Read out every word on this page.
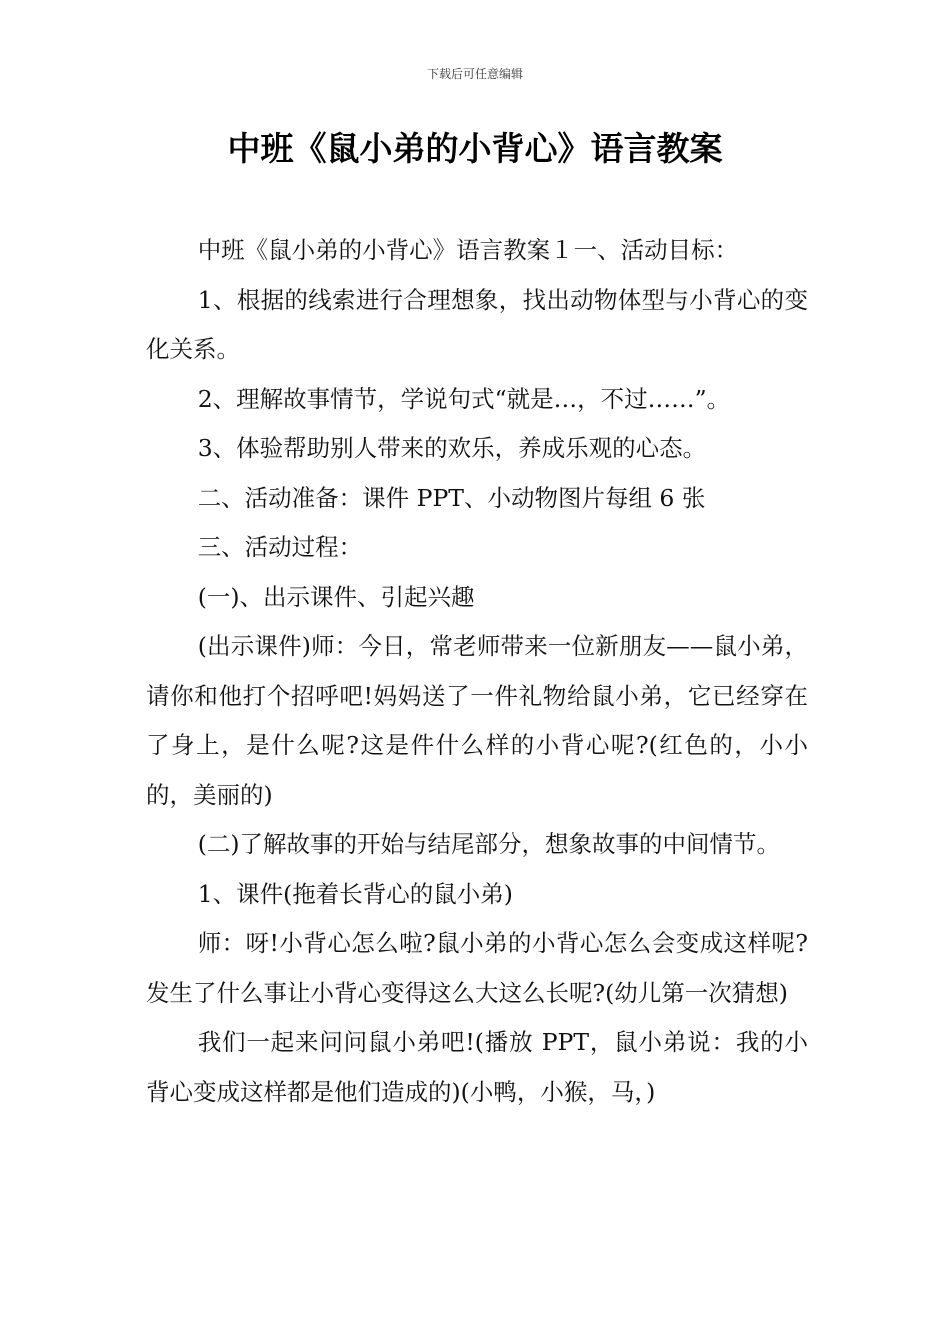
下载后可任意编辑
中班《鼠小弟的小背心》语言教案

中班《鼠小弟的小背心》语言教案１一、活动目标：

1、根据的线索进行合理想象，找出动物体型与小背心的变化关系。

2、理解故事情节，学说句式“就是…，不过……”。

3、体验帮助别人带来的欢乐，养成乐观的心态。

二、活动准备：课件 PPT、小动物图片每组 6 张

三、活动过程：

(一)、出示课件、引起兴趣

(出示课件)师：今日，常老师带来一位新朋友——鼠小弟，请你和他打个招呼吧!妈妈送了一件礼物给鼠小弟，它已经穿在了身上，是什么呢?这是件什么样的小背心呢?(红色的，小小的，美丽的)

(二)了解故事的开始与结尾部分，想象故事的中间情节。

1、课件(拖着长背心的鼠小弟)

师：呀!小背心怎么啦?鼠小弟的小背心怎么会变成这样呢?发生了什么事让小背心变得这么大这么长呢?(幼儿第一次猜想)

我们一起来问问鼠小弟吧!(播放 PPT，鼠小弟说：我的小背心变成这样都是他们造成的)(小鸭，小猴，马，)
